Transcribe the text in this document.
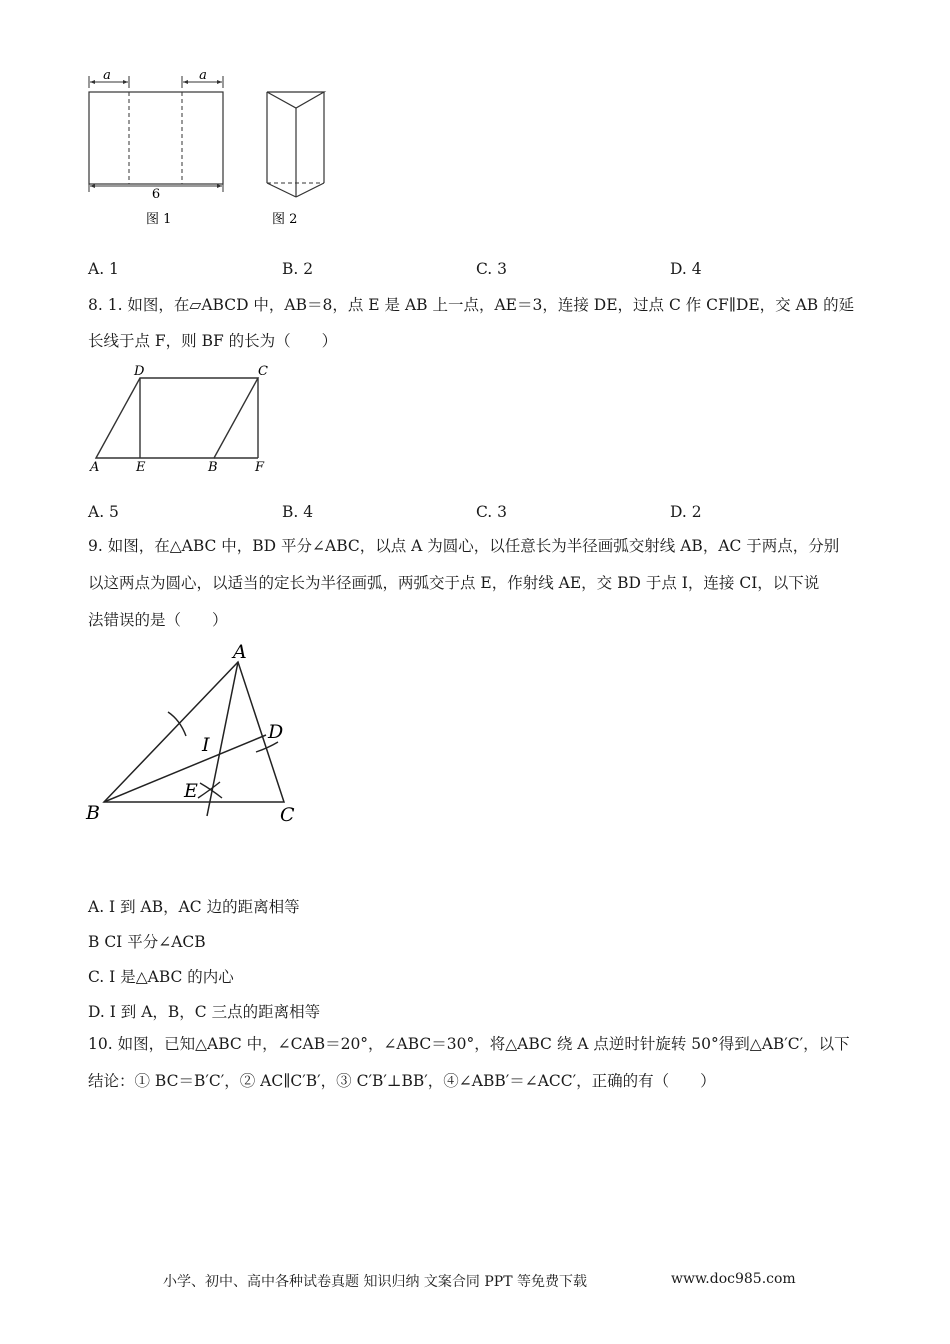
a	a
6
图 1	图 2
A. 1	B. 2	C. 3	D. 4
8. 1. 如图，在▱ABCD 中，AB＝8，点 E 是 AB 上一点，AE＝3，连接 DE，过点 C 作 CF∥DE，交 AB 的延
长线于点 F，则 BF 的长为（　　）
D	C
A	E	B	F
A. 5	B. 4	C. 3	D. 2
9. 如图，在△ABC 中，BD 平分∠ABC，以点 A 为圆心，以任意长为半径画弧交射线 AB，AC 于两点，分别
以这两点为圆心，以适当的定长为半径画弧，两弧交于点 E，作射线 AE，交 BD 于点 I，连接 CI，以下说
法错误的是（　　）
A
I
D
E
B	C
A. I 到 AB，AC 边的距离相等
B CI 平分∠ACB
C. I 是△ABC 的内心
D. I 到 A，B，C 三点的距离相等
10. 如图，已知△ABC 中，∠CAB＝20°，∠ABC＝30°，将△ABC 绕 A 点逆时针旋转 50°得到△AB′C′，以下
结论：① BC＝B′C′，② AC∥C′B′，③ C′B′⊥BB′，④∠ABB′＝∠ACC′，正确的有（　　）
小学、初中、高中各种试卷真题 知识归纳 文案合同 PPT 等免费下载	www.doc985.com
